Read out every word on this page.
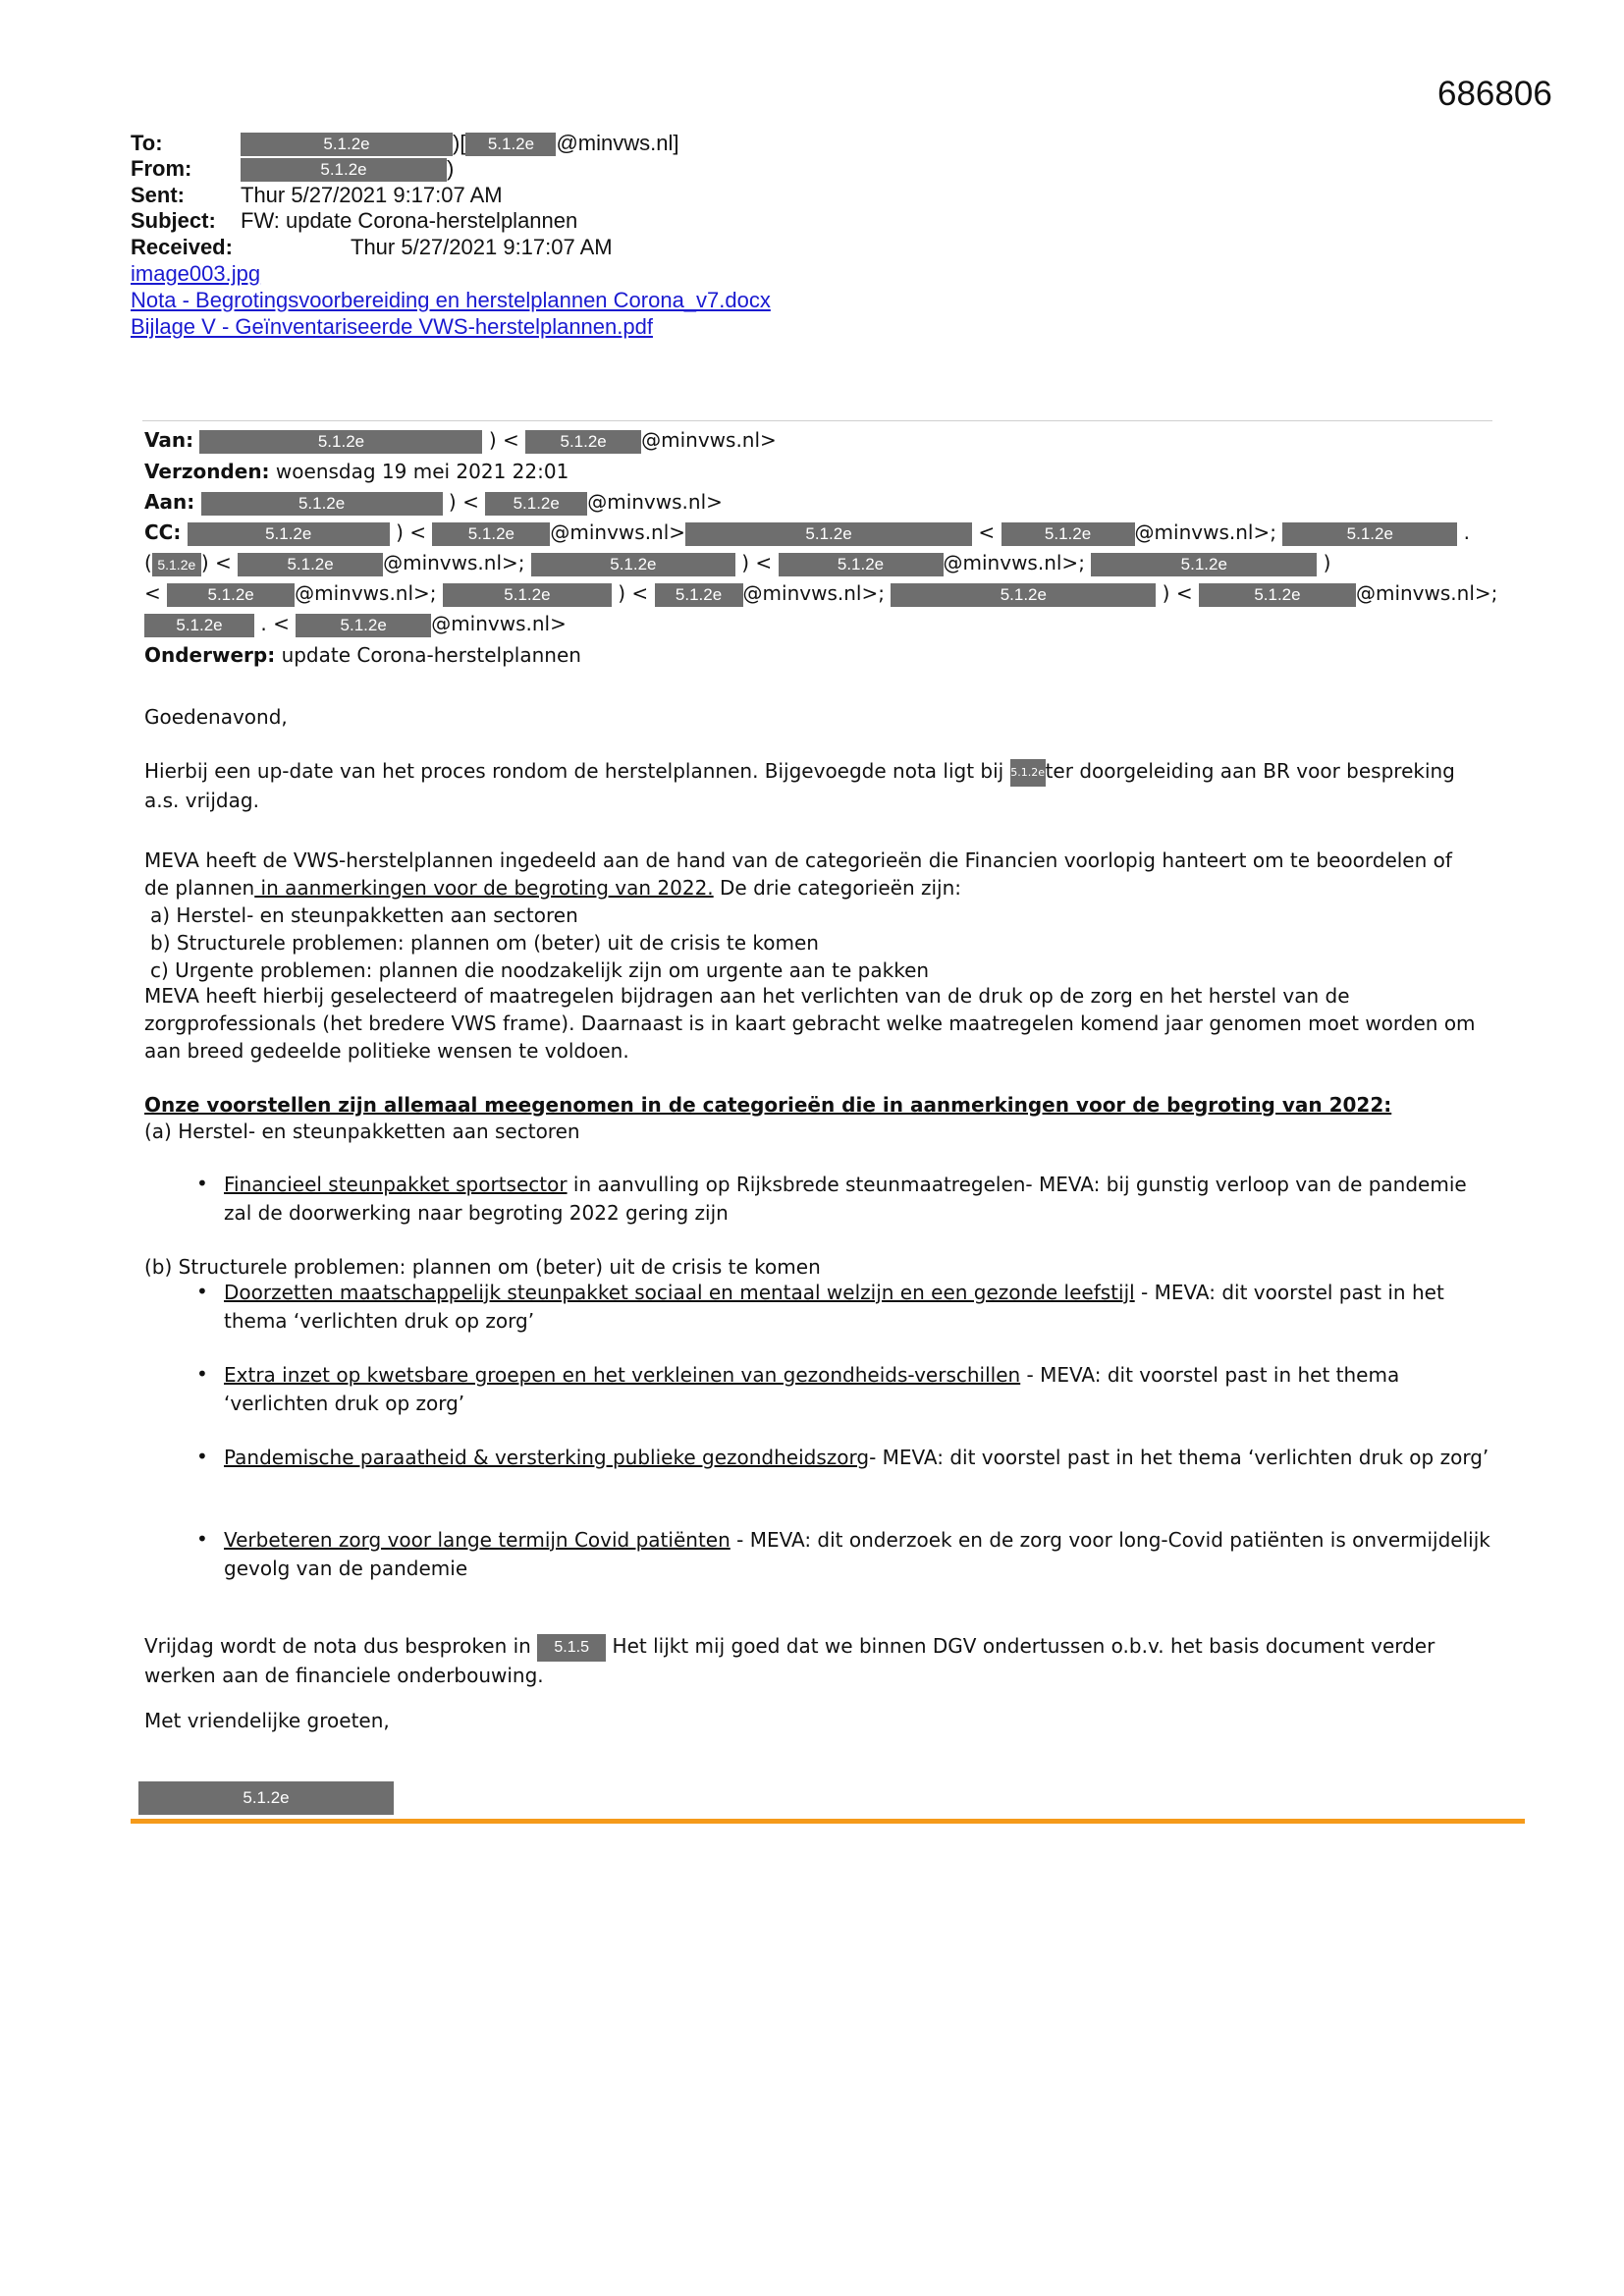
686806
To:	5.1.2e	)[ 5.1.2e @minvws.nl]
From:	5.1.2e	)
Sent:	Thur 5/27/2021 9:17:07 AM
Subject: FW: update Corona-herstelplannen
Received:	Thur 5/27/2021 9:17:07 AM
image003.jpg
Nota - Begrotingsvoorbereiding en herstelplannen Corona_v7.docx
Bijlage V - Geïnventariseerde VWS-herstelplannen.pdf
Van:	5.1.2e	) < 5.1.2e @minvws.nl>
Verzonden: woensdag 19 mei 2021 22:01
Aan:	5.1.2e	) < 5.1.2e @minvws.nl>
CC:	5.1.2e	) < 5.1.2e @minvws.nl>	5.1.2e	<	5.1.2e @minvws.nl>;	5.1.2e	.
( 5.1.2e ) <	5.1.2e	@minvws.nl>;	5.1.2e	) <	5.1.2e	@minvws.nl>;	5.1.2e	)
< 5.1.2e @minvws.nl>;	5.1.2e	) < 5.1.2e @minvws.nl>;	5.1.2e	) <	5.1.2e	@minvws.nl>;
5.1.2e . <	5.1.2e @minvws.nl>
Onderwerp: update Corona-herstelplannen
Goedenavond,
Hierbij een up-date van het proces rondom de herstelplannen. Bijgevoegde nota ligt bij 5.1.2eter doorgeleiding aan BR voor bespreking a.s. vrijdag.
MEVA heeft de VWS-herstelplannen ingedeeld aan de hand van de categorieën die Financien voorlopig hanteert om te beoordelen of de plannen in aanmerkingen voor de begroting van 2022. De drie categorieën zijn:
a) Herstel- en steunpakketten aan sectoren
b) Structurele problemen: plannen om (beter) uit de crisis te komen
c) Urgente problemen: plannen die noodzakelijk zijn om urgente aan te pakken
MEVA heeft hierbij geselecteerd of maatregelen bijdragen aan het verlichten van de druk op de zorg en het herstel van de zorgprofessionals (het bredere VWS frame). Daarnaast is in kaart gebracht welke maatregelen komend jaar genomen moet worden om aan breed gedeelde politieke wensen te voldoen.
Onze voorstellen zijn allemaal meegenomen in de categorieën die in aanmerkingen voor de begroting van 2022:
(a) Herstel- en steunpakketten aan sectoren
• Financieel steunpakket sportsector in aanvulling op Rijksbrede steunmaatregelen- MEVA: bij gunstig verloop van de pandemie zal de doorwerking naar begroting 2022 gering zijn
(b) Structurele problemen: plannen om (beter) uit de crisis te komen
• Doorzetten maatschappelijk steunpakket sociaal en mentaal welzijn en een gezonde leefstijl - MEVA: dit voorstel past in het thema ‘verlichten druk op zorg’
• Extra inzet op kwetsbare groepen en het verkleinen van gezondheids-verschillen - MEVA: dit voorstel past in het thema ‘verlichten druk op zorg’
• Pandemische paraatheid & versterking publieke gezondheidszorg- MEVA: dit voorstel past in het thema ‘verlichten druk op zorg’
• Verbeteren zorg voor lange termijn Covid patiënten - MEVA: dit onderzoek en de zorg voor long-Covid patiënten is onvermijdelijk gevolg van de pandemie
Vrijdag wordt de nota dus besproken in 5.1.5 Het lijkt mij goed dat we binnen DGV ondertussen o.b.v. het basis document verder werken aan de financiele onderbouwing.
Met vriendelijke groeten,
5.1.2e
